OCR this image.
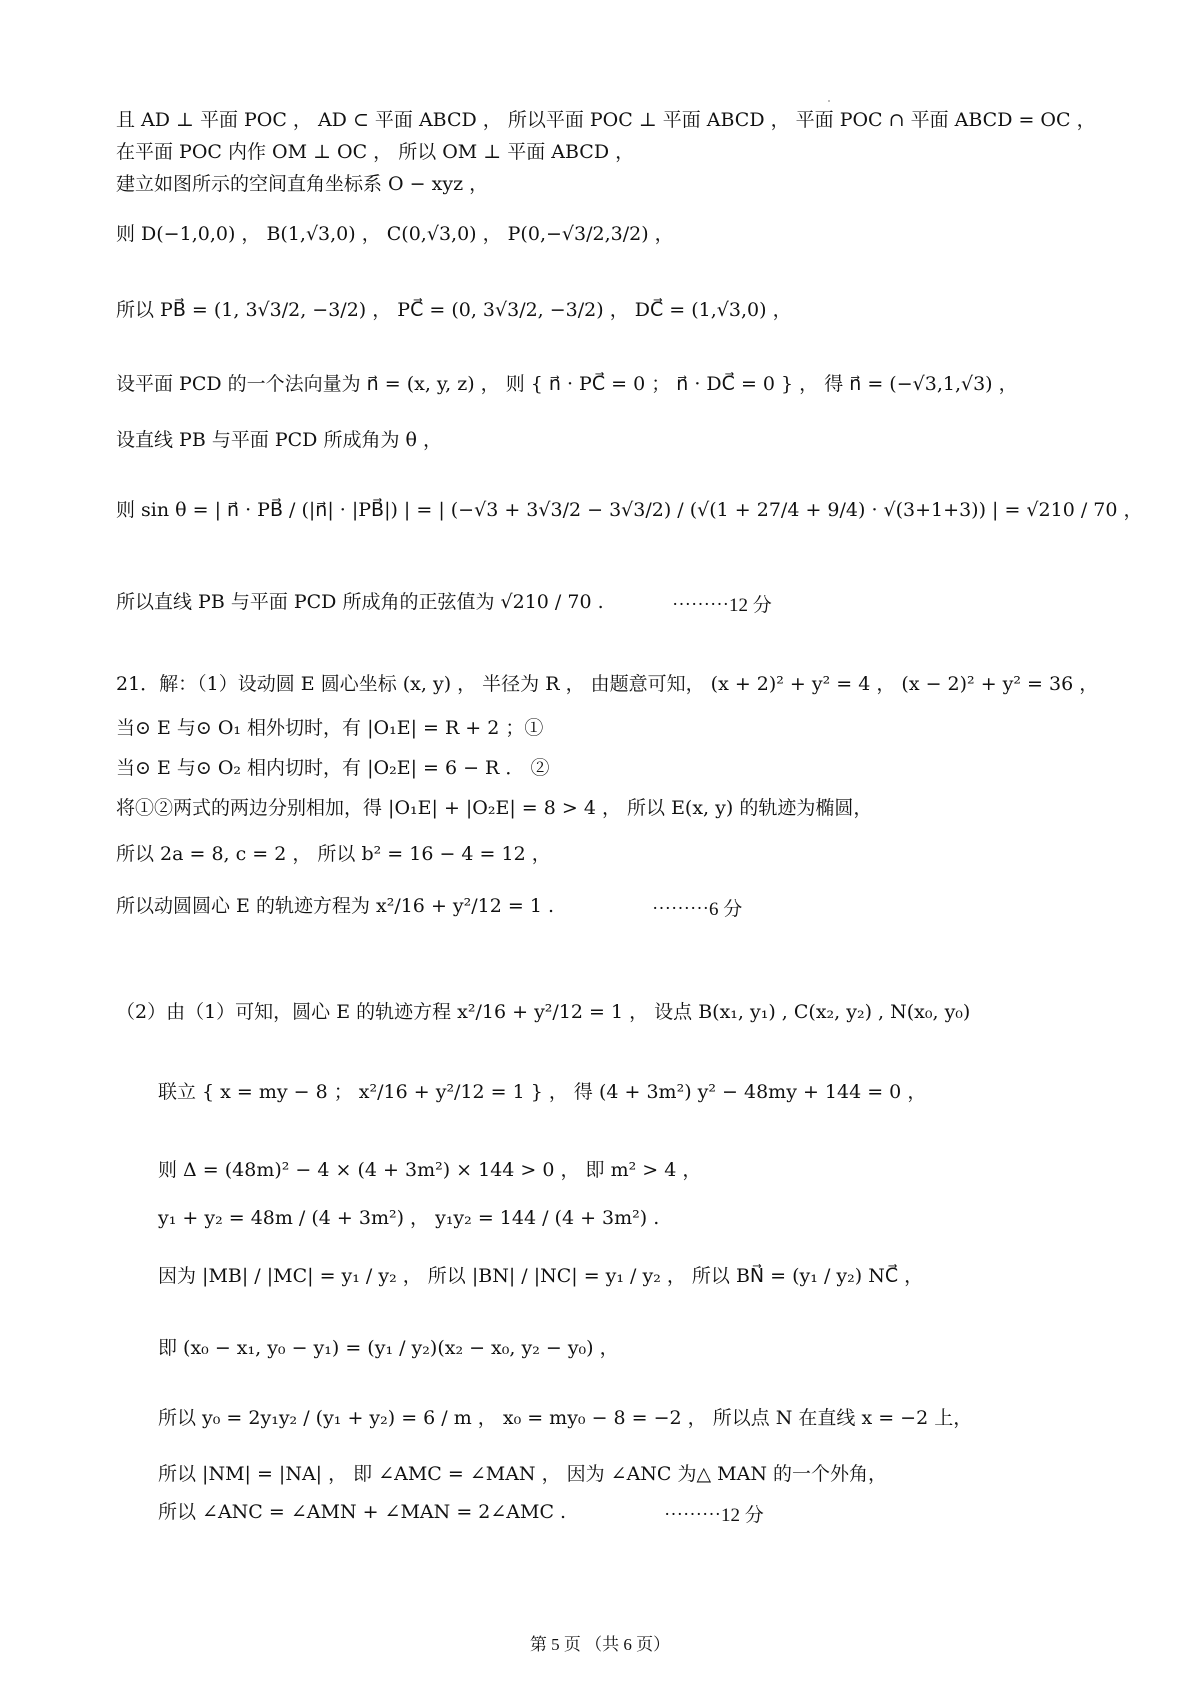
且 AD ⊥ 平面 POC ， AD ⊂ 平面 ABCD ， 所以平面 POC ⊥ 平面 ABCD ， 平面 POC ∩ 平面 ABCD = OC ，
在平面 POC 内作 OM ⊥ OC ， 所以 OM ⊥ 平面 ABCD ，
建立如图所示的空间直角坐标系 O − xyz ，
则 D(−1,0,0) ， B(1,√3,0) ， C(0,√3,0) ， P(0,−√3/2,3/2) ，
所以 PB⃗ = (1, 3√3/2, −3/2) ， PC⃗ = (0, 3√3/2, −3/2) ， DC⃗ = (1,√3,0) ，
设平面 PCD 的一个法向量为 n⃗ = (x, y, z) ， 则 { n⃗ · PC⃗ = 0 ； n⃗ · DC⃗ = 0 } ， 得 n⃗ = (−√3,1,√3) ，
设直线 PB 与平面 PCD 所成角为 θ ，
则 sin θ = | n⃗ · PB⃗ / (|n⃗| · |PB⃗|) | = | (−√3 + 3√3/2 − 3√3/2) / (√(1 + 27/4 + 9/4) · √(3+1+3)) | = √210 / 70 ，
所以直线 PB 与平面 PCD 所成角的正弦值为 √210 / 70 .	⋯⋯⋯12 分
21．解：（1）设动圆 E 圆心坐标 (x, y) ， 半径为 R ， 由题意可知， (x + 2)² + y² = 4 ， (x − 2)² + y² = 36 ，
当⊙ E 与⊙ O₁ 相外切时，有 |O₁E| = R + 2 ；①
当⊙ E 与⊙ O₂ 相内切时，有 |O₂E| = 6 − R ． ②
将①②两式的两边分别相加，得 |O₁E| + |O₂E| = 8 > 4 ， 所以 E(x, y) 的轨迹为椭圆，
所以 2a = 8, c = 2 ， 所以 b² = 16 − 4 = 12 ，
所以动圆圆心 E 的轨迹方程为 x²/16 + y²/12 = 1 .	⋯⋯⋯6 分
（2）由（1）可知，圆心 E 的轨迹方程 x²/16 + y²/12 = 1 ， 设点 B(x₁, y₁) , C(x₂, y₂) , N(x₀, y₀)
联立 { x = my − 8 ； x²/16 + y²/12 = 1 } ， 得 (4 + 3m²) y² − 48my + 144 = 0 ，
则 Δ = (48m)² − 4 × (4 + 3m²) × 144 > 0 ， 即 m² > 4 ，
y₁ + y₂ = 48m / (4 + 3m²) ， y₁y₂ = 144 / (4 + 3m²) .
因为 |MB| / |MC| = y₁ / y₂ ， 所以 |BN| / |NC| = y₁ / y₂ ， 所以 BN⃗ = (y₁ / y₂) NC⃗ ，
即 (x₀ − x₁, y₀ − y₁) = (y₁ / y₂)(x₂ − x₀, y₂ − y₀) ，
所以 y₀ = 2y₁y₂ / (y₁ + y₂) = 6 / m ， x₀ = my₀ − 8 = −2 ， 所以点 N 在直线 x = −2 上，
所以 |NM| = |NA| ， 即 ∠AMC = ∠MAN ， 因为 ∠ANC 为△ MAN 的一个外角，
所以 ∠ANC = ∠AMN + ∠MAN = 2∠AMC .	⋯⋯⋯12 分
第 5 页 （共 6 页）
